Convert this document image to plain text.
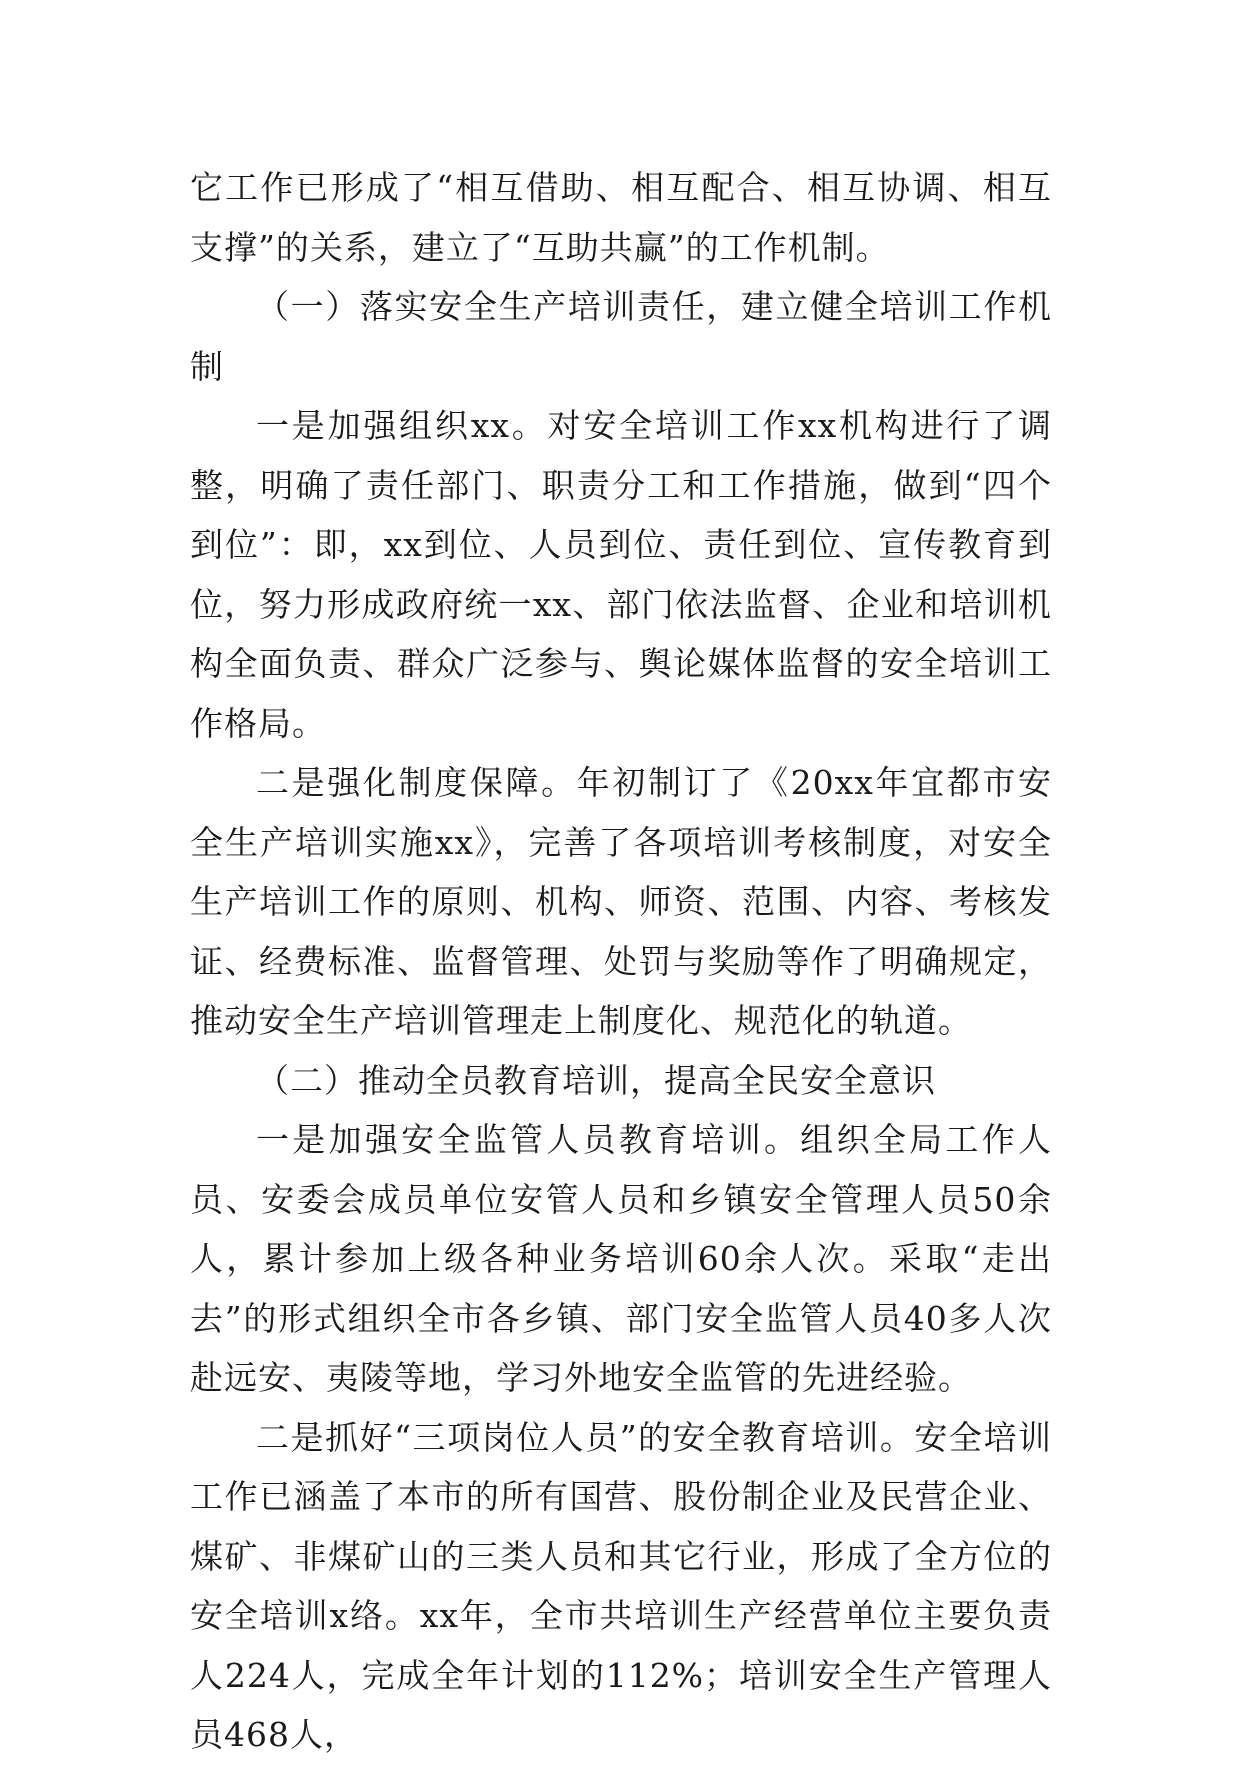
它工作已形成了“相互借助、相互配合、相互协调、相互支撑”的关系，建立了“互助共赢”的工作机制。

（一）落实安全生产培训责任，建立健全培训工作机制

一是加强组织xx。对安全培训工作xx机构进行了调整，明确了责任部门、职责分工和工作措施，做到“四个到位”：即，xx到位、人员到位、责任到位、宣传教育到位，努力形成政府统一xx、部门依法监督、企业和培训机构全面负责、群众广泛参与、舆论媒体监督的安全培训工作格局。

二是强化制度保障。年初制订了《20xx年宜都市安全生产培训实施xx》，完善了各项培训考核制度，对安全生产培训工作的原则、机构、师资、范围、内容、考核发证、经费标准、监督管理、处罚与奖励等作了明确规定，推动安全生产培训管理走上制度化、规范化的轨道。

（二）推动全员教育培训，提高全民安全意识

一是加强安全监管人员教育培训。组织全局工作人员、安委会成员单位安管人员和乡镇安全管理人员50余人，累计参加上级各种业务培训60余人次。采取“走出去”的形式组织全市各乡镇、部门安全监管人员40多人次赴远安、夷陵等地，学习外地安全监管的先进经验。

二是抓好“三项岗位人员”的安全教育培训。安全培训工作已涵盖了本市的所有国营、股份制企业及民营企业、煤矿、非煤矿山的三类人员和其它行业，形成了全方位的安全培训x络。xx年，全市共培训生产经营单位主要负责人224人，完成全年计划的112%；培训安全生产管理人员468人，
